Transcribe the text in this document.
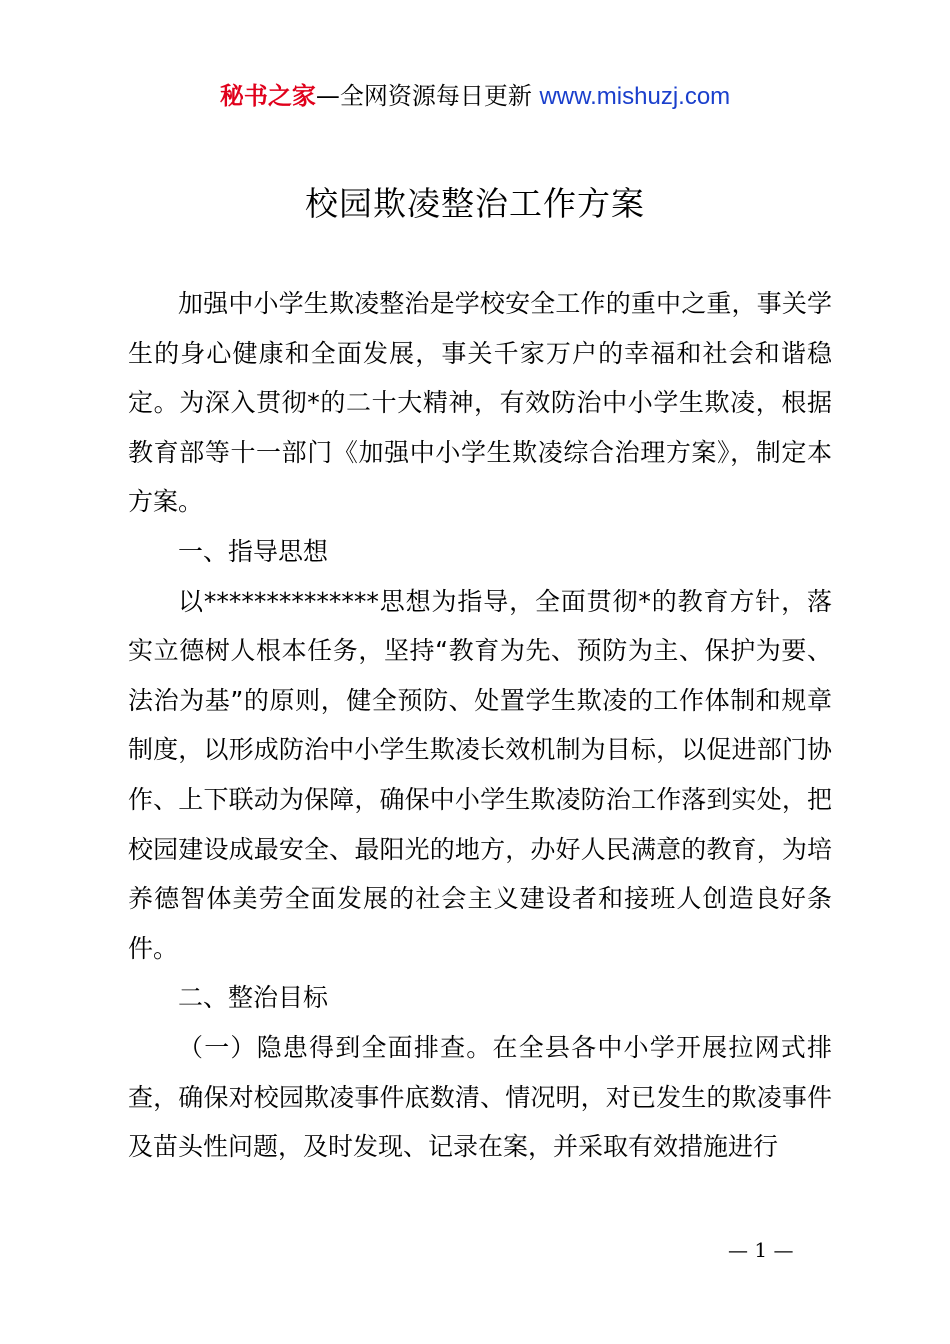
秘书之家—全网资源每日更新 www.mishuzj.com
校园欺凌整治工作方案

加强中小学生欺凌整治是学校安全工作的重中之重，事关学生的身心健康和全面发展，事关千家万户的幸福和社会和谐稳定。为深入贯彻*的二十大精神，有效防治中小学生欺凌，根据教育部等十一部门《加强中小学生欺凌综合治理方案》，制定本方案。

一、指导思想

以**************思想为指导，全面贯彻*的教育方针，落实立德树人根本任务，坚持“教育为先、预防为主、保护为要、法治为基”的原则，健全预防、处置学生欺凌的工作体制和规章制度，以形成防治中小学生欺凌长效机制为目标，以促进部门协作、上下联动为保障，确保中小学生欺凌防治工作落到实处，把校园建设成最安全、最阳光的地方，办好人民满意的教育，为培养德智体美劳全面发展的社会主义建设者和接班人创造良好条件。

二、整治目标

（一）隐患得到全面排查。在全县各中小学开展拉网式排查，确保对校园欺凌事件底数清、情况明，对已发生的欺凌事件及苗头性问题，及时发现、记录在案，并采取有效措施进行

— 1 —
